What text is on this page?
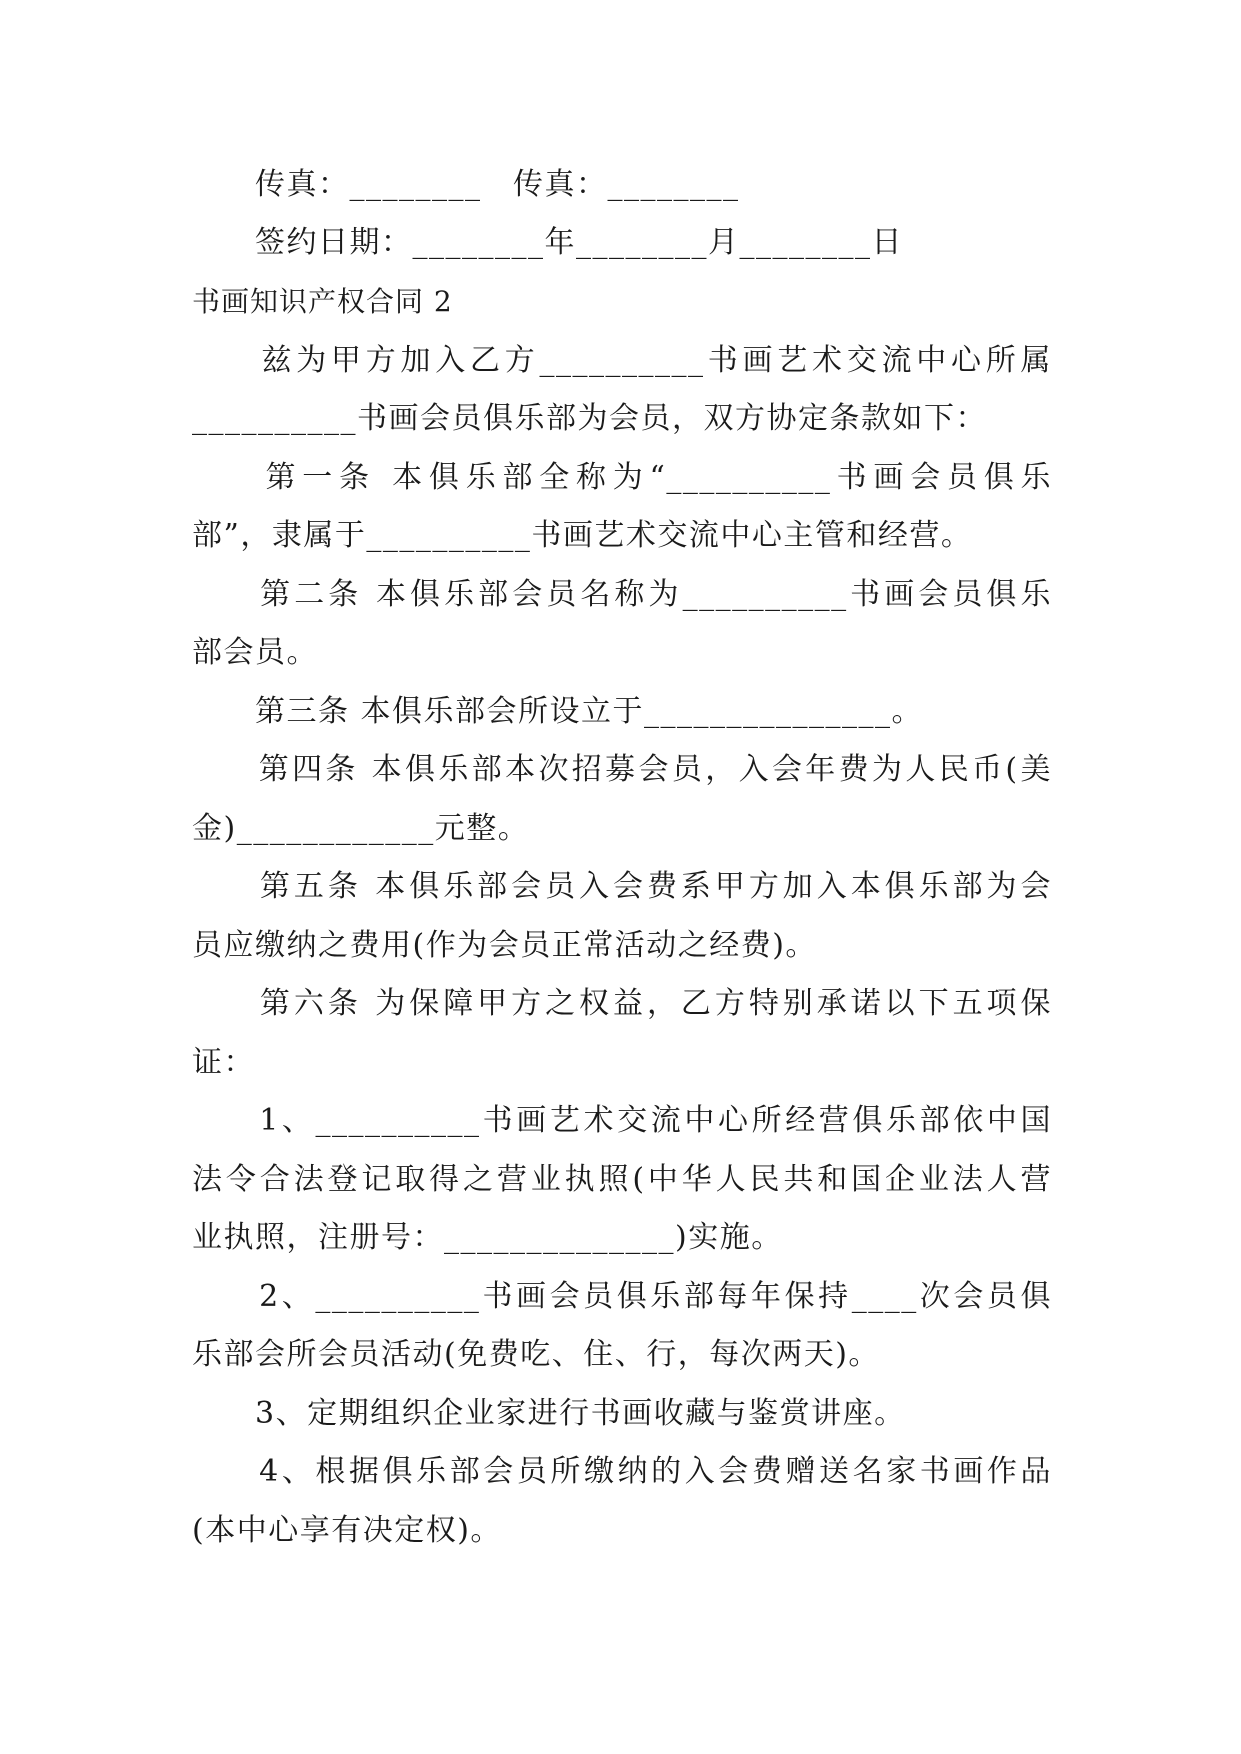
　　传真：________　传真：________
　　签约日期：________年________月________日
书画知识产权合同 2
　　兹为甲方加入乙方__________书画艺术交流中心所属
__________书画会员俱乐部为会员，双方协定条款如下：
　　第一条 本俱乐部全称为“__________书画会员俱乐
部”，隶属于__________书画艺术交流中心主管和经营。
　　第二条 本俱乐部会员名称为__________书画会员俱乐
部会员。
　　第三条 本俱乐部会所设立于_______________。
　　第四条 本俱乐部本次招募会员，入会年费为人民币(美
金)____________元整。
　　第五条 本俱乐部会员入会费系甲方加入本俱乐部为会
员应缴纳之费用(作为会员正常活动之经费)。
　　第六条 为保障甲方之权益，乙方特别承诺以下五项保
证：
　　1、__________书画艺术交流中心所经营俱乐部依中国
法令合法登记取得之营业执照(中华人民共和国企业法人营
业执照，注册号：______________)实施。
　　2、__________书画会员俱乐部每年保持____次会员俱
乐部会所会员活动(免费吃、住、行，每次两天)。
　　3、定期组织企业家进行书画收藏与鉴赏讲座。
　　4、根据俱乐部会员所缴纳的入会费赠送名家书画作品
(本中心享有决定权)。
